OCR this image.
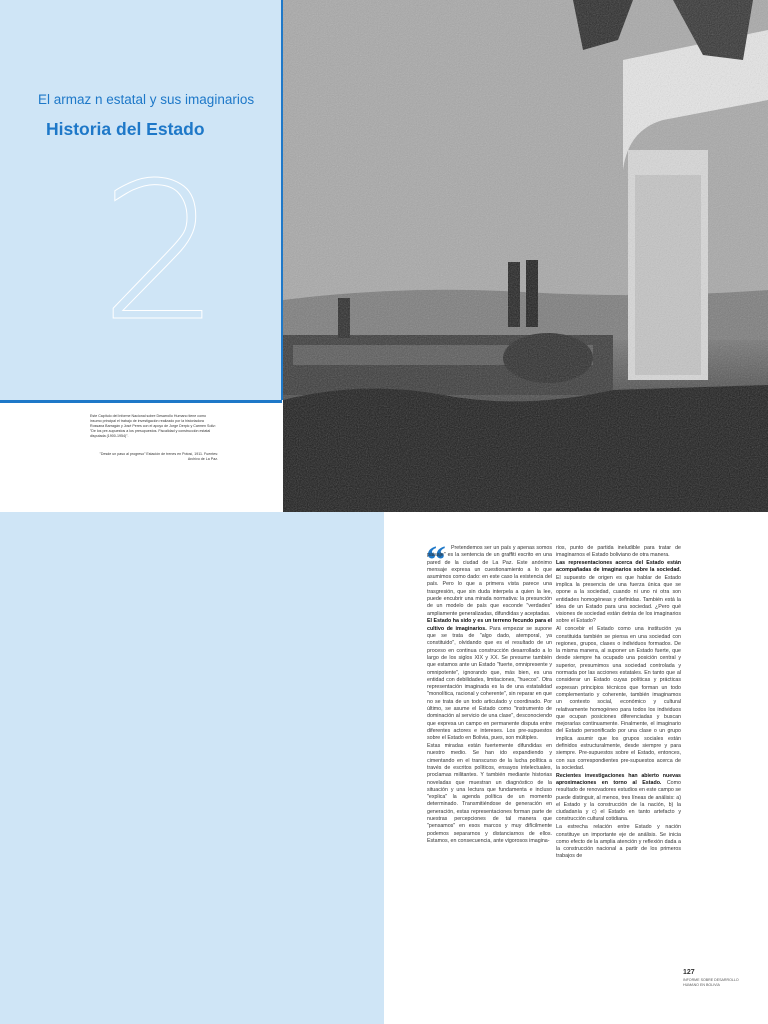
El armaz n estatal y sus imaginarios
Historia del Estado
2
Este Capítulo del Informe Nacional sobre Desarrollo Humano tiene como insumo principal el trabajo de investigación realizado por la historiadora Rossana Barragán y José Peres con el apoyo de Jorge Derpic y Carmen Soliz: "De los pre-supuestos a los presupuestos. Fiscalidad y construcción estatal disputada (1900-1954)".
"Desde un paso al progreso" Estación de trenes en Potosí, 1911. Fuentes: Archivo de La Paz.
“ Pretendemos ser un país y apenas somos paisaje" es la sentencia de un graffiti escrito en una pared de la ciudad de La Paz. Este anónimo mensaje expresa un cuestionamiento a lo que asumimos como dado: en este caso la existencia del país. Pero lo que a primera vista parece una trasgresión, que sin duda interpela a quien la lee, puede encubrir una mirada normativa: la presunción de un modelo de país que esconde "verdades" ampliamente generalizadas, difundidas y aceptadas.

El Estado ha sido y es un terreno fecundo para el cultivo de imaginarios. Para empezar se supone que se trata de "algo dado, atemporal, ya constituido", olvidando que es el resultado de un proceso en continua construcción desarrollado a lo largo de los siglos XIX y XX. Se presume también que estamos ante un Estado "fuerte, omnipresente y omnipotente", ignorando que, más bien, es una entidad con debilidades, limitaciones, "huecos". Otra representación imaginada es la de una estatalidad "monolítica, racional y coherente", sin reparar en que no se trata de un todo articulado y coordinado. Por último, se asume el Estado como "instrumento de dominación al servicio de una clase", desconociendo que expresa un campo en permanente disputa entre diferentes actores e intereses. Los pre-supuestos sobre el Estado en Bolivia, pues, son múltiples.

Estas miradas están fuertemente difundidas en nuestro medio. Se han ido expandiendo y cimentando en el transcurso de la lucha política a través de escritos políticos, ensayos intelectuales, proclamas militantes. Y también mediante historias novеladas que muestran un diagnóstico de la situación y una lectura que fundamenta e incluso "explica" la agenda política de un momento determinado. Transmitiéndose de generación en generación, estas representaciones forman parte de nuestras percepciones de tal manera que "pensamos" en esos marcos y muy difícilmente podemos separarnos y distanciarnos de ellos. Estamos, en consecuencia, ante vigorosos imagina-

rios, punto de partida ineludible para tratar de imaginarnos el Estado boliviano de otra manera.

Las representaciones acerca del Estado están acompañadas de imaginarios sobre la sociedad. El supuesto de origen es que hablar de Estado implica la presencia de una fuerza única que se opone a la sociedad, cuando ni uno ni otra son entidades homogéneas y definidas. También está la idea de un Estado para una sociedad. ¿Pero qué visiones de sociedad están detrás de los imaginarios sobre el Estado?

Al concebir el Estado como una institución ya constituida también se piensa en una sociedad con regiones, grupos, clases o individuos formados. De la misma manera, al suponer un Estado fuerte, que desde siempre ha ocupado una posición central y superior, presumimos una sociedad controlada y normada por las acciones estatales. En tanto que al considerar un Estado cuyas políticas y prácticas expresan principios técnicos que forman un todo complementario y coherente, también imaginamos un contexto social, económico y cultural relativamente homogéneo para todos los individuos que ocupan posiciones diferenciadas y buscan mejorarlas continuamente. Finalmente, el imaginario del Estado personificado por una clase o un grupo implica asumir que los grupos sociales están definidos estructuralmente, desde siempre y para siempre. Pre-supuestos sobre el Estado, entonces, con sus correspondientes pre-supuestos acerca de la sociedad.

Recientes investigaciones han abierto nuevas aproximaciones en torno al Estado. Como resultado de renovadores estudios en este campo se puede distinguir, al menos, tres líneas de análisis: a) el Estado y la construcción de la nación, b) la ciudadanía y c) el Estado en tanto artefacto y construcción cultural cotidiana.

La estrecha relación entre Estado y nación constituye un importante eje de análisis. Se inicia como efecto de la amplia atención y reflexión dada a la construcción nacional a partir de los primeros trabajos de

127
INFORME SOBRE DESARROLLO HUMANO EN BOLIVIA
